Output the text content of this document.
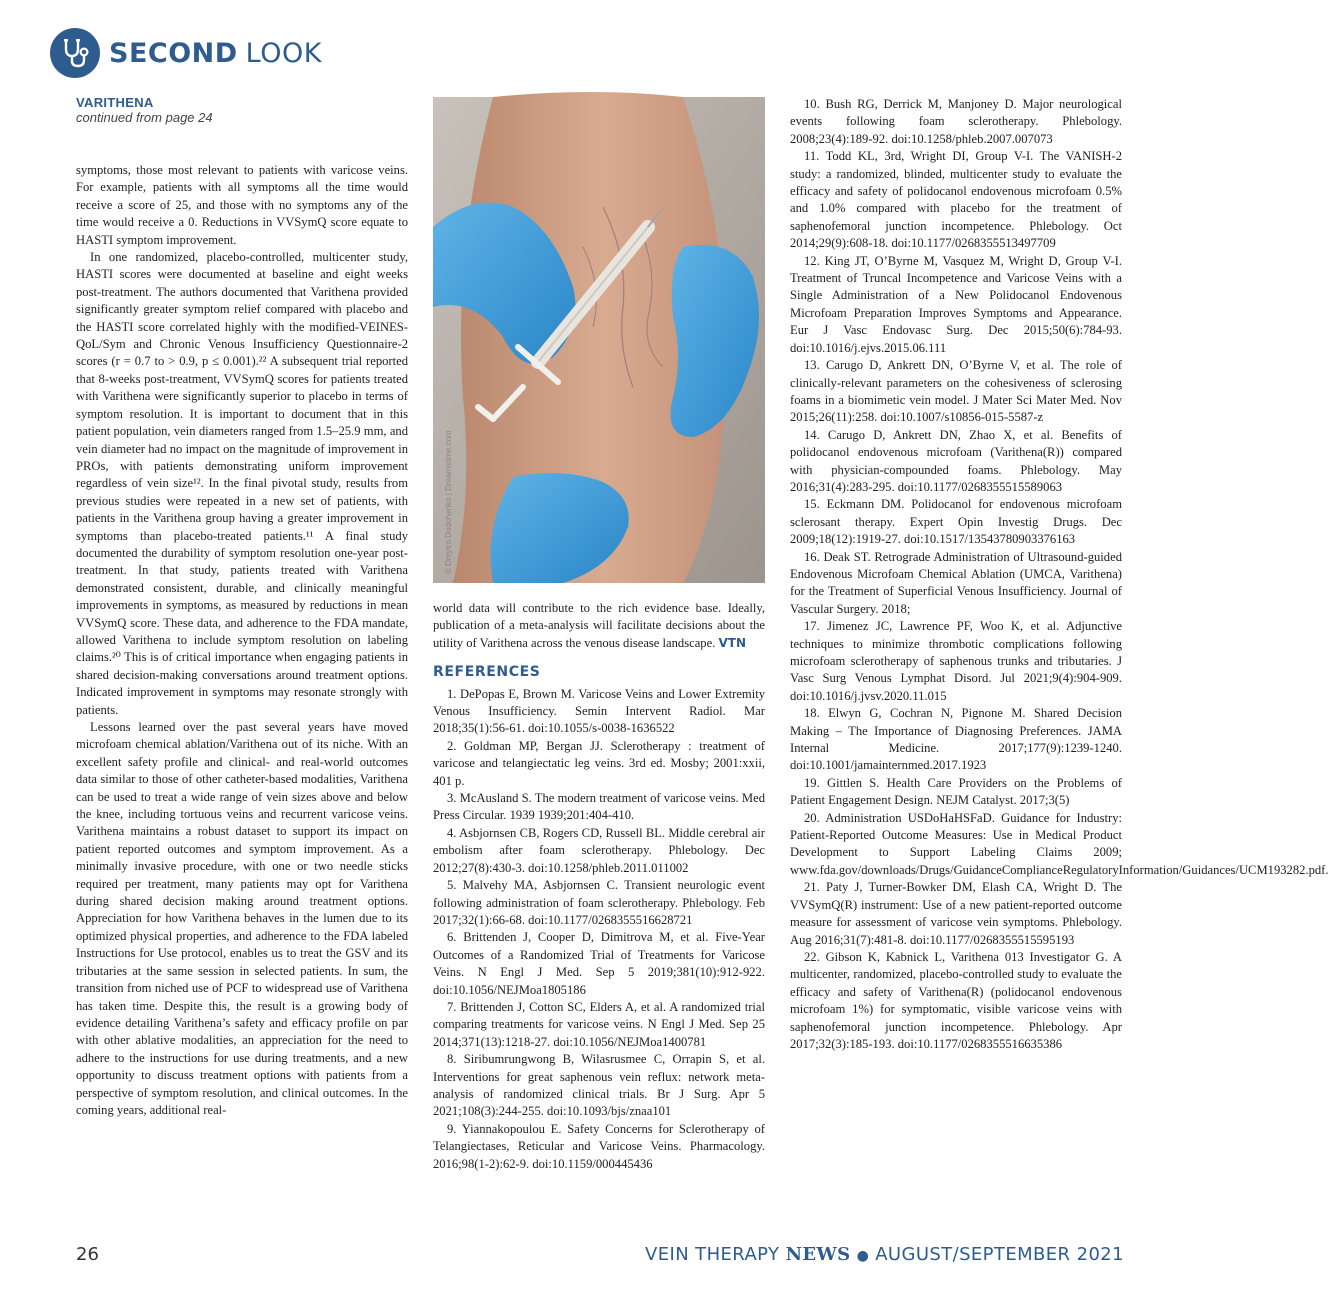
SECOND LOOK
VARITHENA
continued from page 24

symptoms, those most relevant to patients with varicose veins. For example, patients with all symptoms all the time would receive a score of 25, and those with no symptoms any of the time would receive a 0. Reductions in VVSymQ score equate to HASTI symptom improvement.

In one randomized, placebo-controlled, multicenter study, HASTI scores were documented at baseline and eight weeks post-treatment. The authors documented that Varithena provided significantly greater symptom relief compared with placebo and the HASTI score correlated highly with the modified-VEINES-QoL/Sym and Chronic Venous Insufficiency Questionnaire-2 scores (r = 0.7 to > 0.9, p ≤ 0.001).²² A subsequent trial reported that 8-weeks post-treatment, VVSymQ scores for patients treated with Varithena were significantly superior to placebo in terms of symptom resolution. It is important to document that in this patient population, vein diameters ranged from 1.5–25.9 mm, and vein diameter had no impact on the magnitude of improvement in PROs, with patients demonstrating uniform improvement regardless of vein size¹². In the final pivotal study, results from previous studies were repeated in a new set of patients, with patients in the Varithena group having a greater improvement in symptoms than placebo-treated patients.¹¹ A final study documented the durability of symptom resolution one-year post-treatment. In that study, patients treated with Varithena demonstrated consistent, durable, and clinically meaningful improvements in symptoms, as measured by reductions in mean VVSymQ score. These data, and adherence to the FDA mandate, allowed Varithena to include symptom resolution on labeling claims.²⁰ This is of critical importance when engaging patients in shared decision-making conversations around treatment options. Indicated improvement in symptoms may resonate strongly with patients.

Lessons learned over the past several years have moved microfoam chemical ablation/Varithena out of its niche. With an excellent safety profile and clinical- and real-world outcomes data similar to those of other catheter-based modalities, Varithena can be used to treat a wide range of vein sizes above and below the knee, including tortuous veins and recurrent varicose veins. Varithena maintains a robust dataset to support its impact on patient reported outcomes and symptom improvement. As a minimally invasive procedure, with one or two needle sticks required per treatment, many patients may opt for Varithena during shared decision making around treatment options. Appreciation for how Varithena behaves in the lumen due to its optimized physical properties, and adherence to the FDA labeled Instructions for Use protocol, enables us to treat the GSV and its tributaries at the same session in selected patients. In sum, the transition from niched use of PCF to widespread use of Varithena has taken time. Despite this, the result is a growing body of evidence detailing Varithena’s safety and efficacy profile on par with other ablative modalities, an appreciation for the need to adhere to the instructions for use during treatments, and a new opportunity to discuss treatment options with patients from a perspective of symptom resolution, and clinical outcomes. In the coming years, additional real-

© Dmytro Dudchenko | Dreamstime.com

world data will contribute to the rich evidence base. Ideally, publication of a meta-analysis will facilitate decisions about the utility of Varithena across the venous disease landscape. VTN

REFERENCES

1. DePopas E, Brown M. Varicose Veins and Lower Extremity Venous Insufficiency. Semin Intervent Radiol. Mar 2018;35(1):56-61. doi:10.1055/s-0038-1636522

2. Goldman MP, Bergan JJ. Sclerotherapy : treatment of varicose and telangiectatic leg veins. 3rd ed. Mosby; 2001:xxii, 401 p.

3. McAusland S. The modern treatment of varicose veins. Med Press Circular. 1939 1939;201:404-410.

4. Asbjornsen CB, Rogers CD, Russell BL. Middle cerebral air embolism after foam sclerotherapy. Phlebology. Dec 2012;27(8):430-3. doi:10.1258/phleb.2011.011002

5. Malvehy MA, Asbjornsen C. Transient neurologic event following administration of foam sclerotherapy. Phlebology. Feb 2017;32(1):66-68. doi:10.1177/0268355516628721

6. Brittenden J, Cooper D, Dimitrova M, et al. Five-Year Outcomes of a Randomized Trial of Treatments for Varicose Veins. N Engl J Med. Sep 5 2019;381(10):912-922. doi:10.1056/NEJMoa1805186

7. Brittenden J, Cotton SC, Elders A, et al. A randomized trial comparing treatments for varicose veins. N Engl J Med. Sep 25 2014;371(13):1218-27. doi:10.1056/NEJMoa1400781

8. Siribumrungwong B, Wilasrusmee C, Orrapin S, et al. Interventions for great saphenous vein reflux: network meta-analysis of randomized clinical trials. Br J Surg. Apr 5 2021;108(3):244-255. doi:10.1093/bjs/znaa101

9. Yiannakopoulou E. Safety Concerns for Sclerotherapy of Telangiectases, Reticular and Varicose Veins. Pharmacology. 2016;98(1-2):62-9. doi:10.1159/000445436

10. Bush RG, Derrick M, Manjoney D. Major neurological events following foam sclerotherapy. Phlebology. 2008;23(4):189-92. doi:10.1258/phleb.2007.007073

11. Todd KL, 3rd, Wright DI, Group V-I. The VANISH-2 study: a randomized, blinded, multicenter study to evaluate the efficacy and safety of polidocanol endovenous microfoam 0.5% and 1.0% compared with placebo for the treatment of saphenofemoral junction incompetence. Phlebology. Oct 2014;29(9):608-18. doi:10.1177/0268355513497709

12. King JT, O’Byrne M, Vasquez M, Wright D, Group V-I. Treatment of Truncal Incompetence and Varicose Veins with a Single Administration of a New Polidocanol Endovenous Microfoam Preparation Improves Symptoms and Appearance. Eur J Vasc Endovasc Surg. Dec 2015;50(6):784-93. doi:10.1016/j.ejvs.2015.06.111

13. Carugo D, Ankrett DN, O’Byrne V, et al. The role of clinically-relevant parameters on the cohesiveness of sclerosing foams in a biomimetic vein model. J Mater Sci Mater Med. Nov 2015;26(11):258. doi:10.1007/s10856-015-5587-z

14. Carugo D, Ankrett DN, Zhao X, et al. Benefits of polidocanol endovenous microfoam (Varithena(R)) compared with physician-compounded foams. Phlebology. May 2016;31(4):283-295. doi:10.1177/0268355515589063

15. Eckmann DM. Polidocanol for endovenous microfoam sclerosant therapy. Expert Opin Investig Drugs. Dec 2009;18(12):1919-27. doi:10.1517/13543780903376163

16. Deak ST. Retrograde Administration of Ultrasound-guided Endovenous Microfoam Chemical Ablation (UMCA, Varithena) for the Treatment of Superficial Venous Insufficiency. Journal of Vascular Surgery. 2018;

17. Jimenez JC, Lawrence PF, Woo K, et al. Adjunctive techniques to minimize thrombotic complications following microfoam sclerotherapy of saphenous trunks and tributaries. J Vasc Surg Venous Lymphat Disord. Jul 2021;9(4):904-909. doi:10.1016/j.jvsv.2020.11.015

18. Elwyn G, Cochran N, Pignone M. Shared Decision Making – The Importance of Diagnosing Preferences. JAMA Internal Medicine. 2017;177(9):1239-1240. doi:10.1001/jamainternmed.2017.1923

19. Gittlen S. Health Care Providers on the Problems of Patient Engagement Design. NEJM Catalyst. 2017;3(5)

20. Administration USDoHaHSFaD. Guidance for Industry: Patient-Reported Outcome Measures: Use in Medical Product Development to Support Labeling Claims 2009; www.fda.gov/downloads/Drugs/GuidanceComplianceRegulatoryInformation/Guidances/UCM193282.pdf.

21. Paty J, Turner-Bowker DM, Elash CA, Wright D. The VVSymQ(R) instrument: Use of a new patient-reported outcome measure for assessment of varicose vein symptoms. Phlebology. Aug 2016;31(7):481-8. doi:10.1177/0268355515595193

22. Gibson K, Kabnick L, Varithena 013 Investigator G. A multicenter, randomized, placebo-controlled study to evaluate the efficacy and safety of Varithena(R) (polidocanol endovenous microfoam 1%) for symptomatic, visible varicose veins with saphenofemoral junction incompetence. Phlebology. Apr 2017;32(3):185-193. doi:10.1177/0268355516635386

26	VEIN THERAPY NEWS ● AUGUST/SEPTEMBER 2021
